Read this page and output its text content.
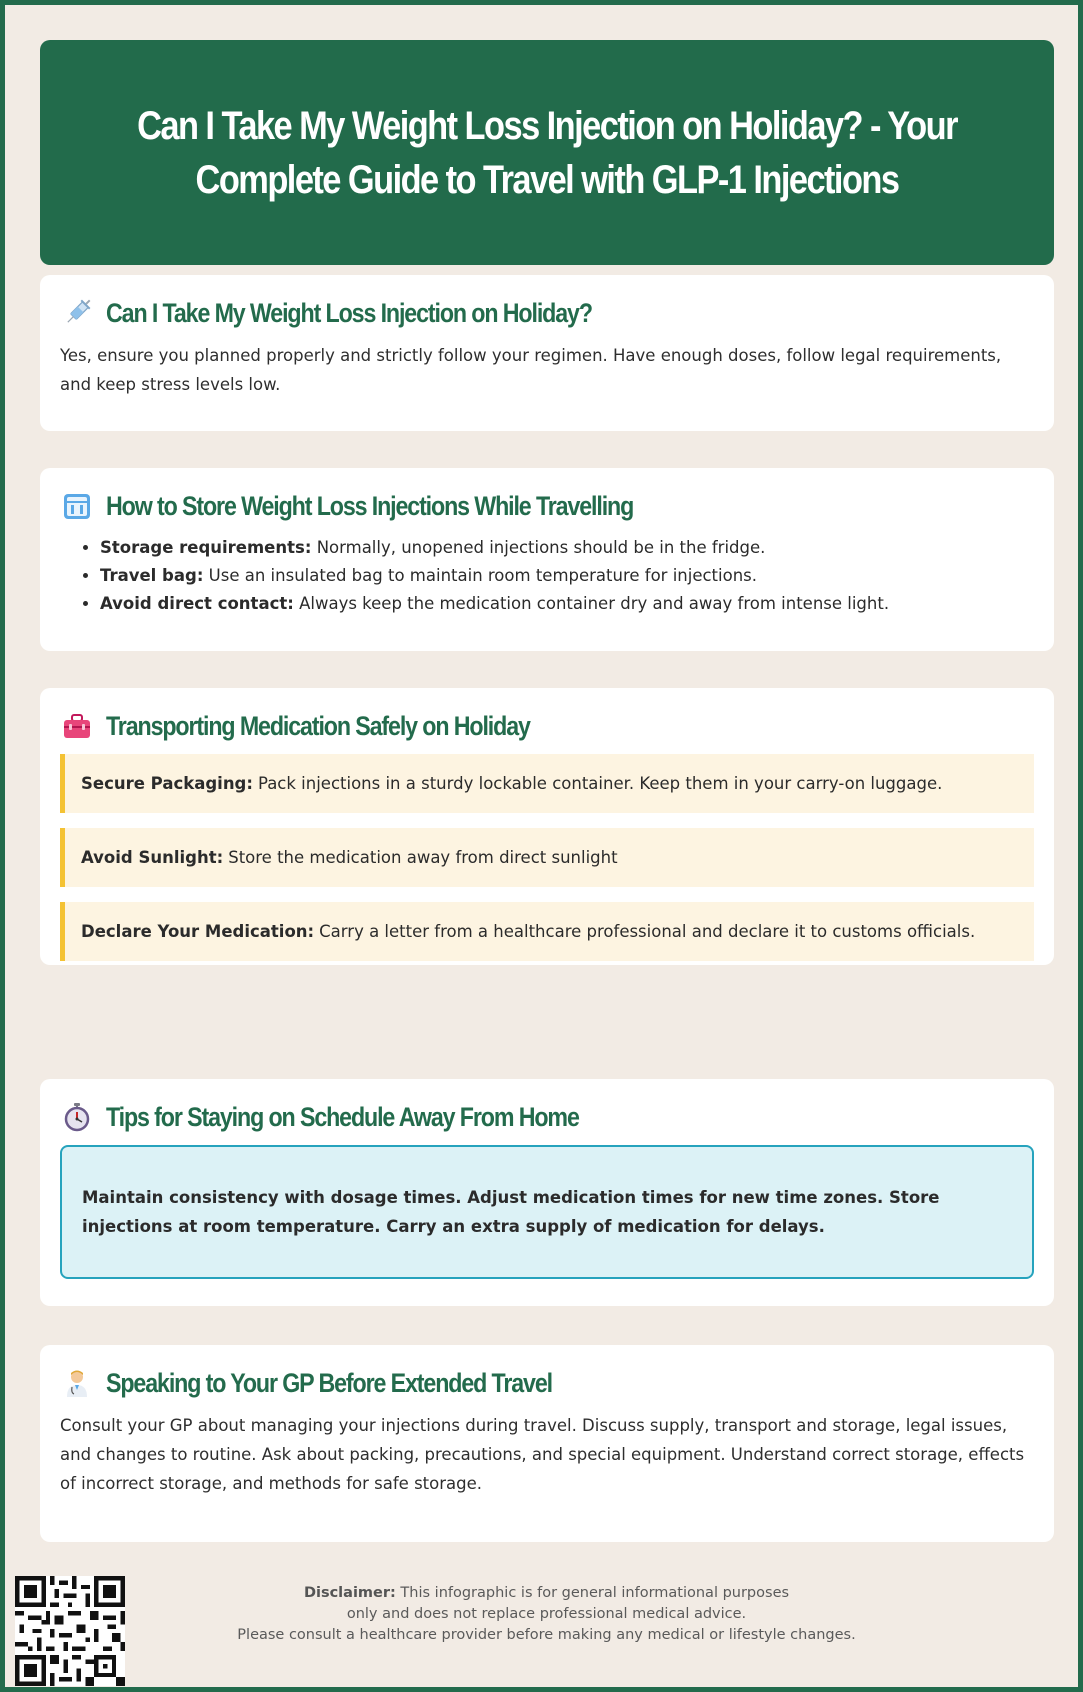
Can I Take My Weight Loss Injection on Holiday? - Your Complete Guide to Travel with GLP-1 Injections
Can I Take My Weight Loss Injection on Holiday?

Yes, ensure you planned properly and strictly follow your regimen. Have enough doses, follow legal requirements, and keep stress levels low.

How to Store Weight Loss Injections While Travelling
• Storage requirements: Normally, unopened injections should be in the fridge.
• Travel bag: Use an insulated bag to maintain room temperature for injections.
• Avoid direct contact: Always keep the medication container dry and away from intense light.
Transporting Medication Safely on Holiday
Secure Packaging: Pack injections in a sturdy lockable container. Keep them in your carry-on luggage.
Avoid Sunlight: Store the medication away from direct sunlight
Declare Your Medication: Carry a letter from a healthcare professional and declare it to customs officials.
Tips for Staying on Schedule Away From Home
Maintain consistency with dosage times. Adjust medication times for new time zones. Store injections at room temperature. Carry an extra supply of medication for delays.
Speaking to Your GP Before Extended Travel

Consult your GP about managing your injections during travel. Discuss supply, transport and storage, legal issues, and changes to routine. Ask about packing, precautions, and special equipment. Understand correct storage, effects of incorrect storage, and methods for safe storage.

Disclaimer: This infographic is for general informational purposes
only and does not replace professional medical advice.
Please consult a healthcare provider before making any medical or lifestyle changes.
